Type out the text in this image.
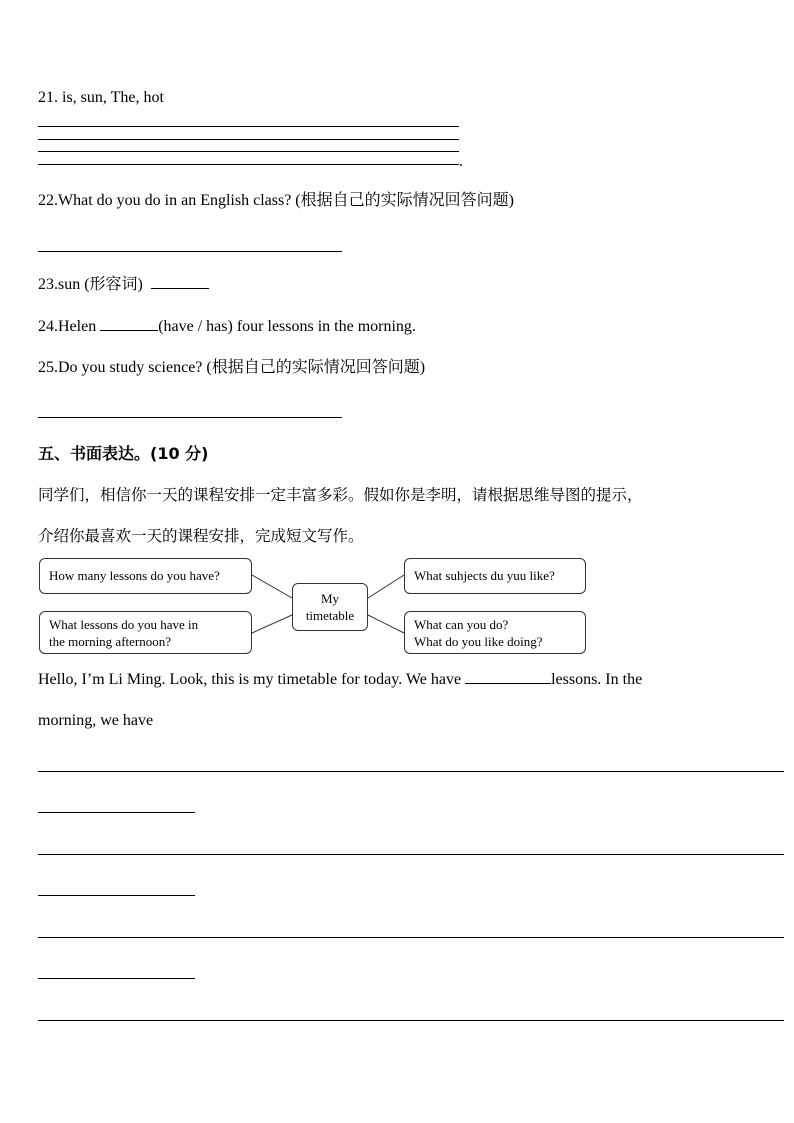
21. is, sun, The, hot
.
22.What do you do in an English class? (根据自己的实际情况回答问题)
23.sun (形容词)
24.Helen	(have / has) four lessons in the morning.
25.Do you study science? (根据自己的实际情况回答问题)
五、书面表达。(10 分)
同学们，相信你一天的课程安排一定丰富多彩。假如你是李明，请根据思维导图的提示，
介绍你最喜欢一天的课程安排，完成短文写作。
How many lessons do you have?
What lessons do you have in
the morning afternoon?
My
timetable
What suhjects du yuu like?
What can you do?
What do you like doing?
Hello, I’m Li Ming. Look, this is my timetable for today. We have	lessons. In the
morning, we have
